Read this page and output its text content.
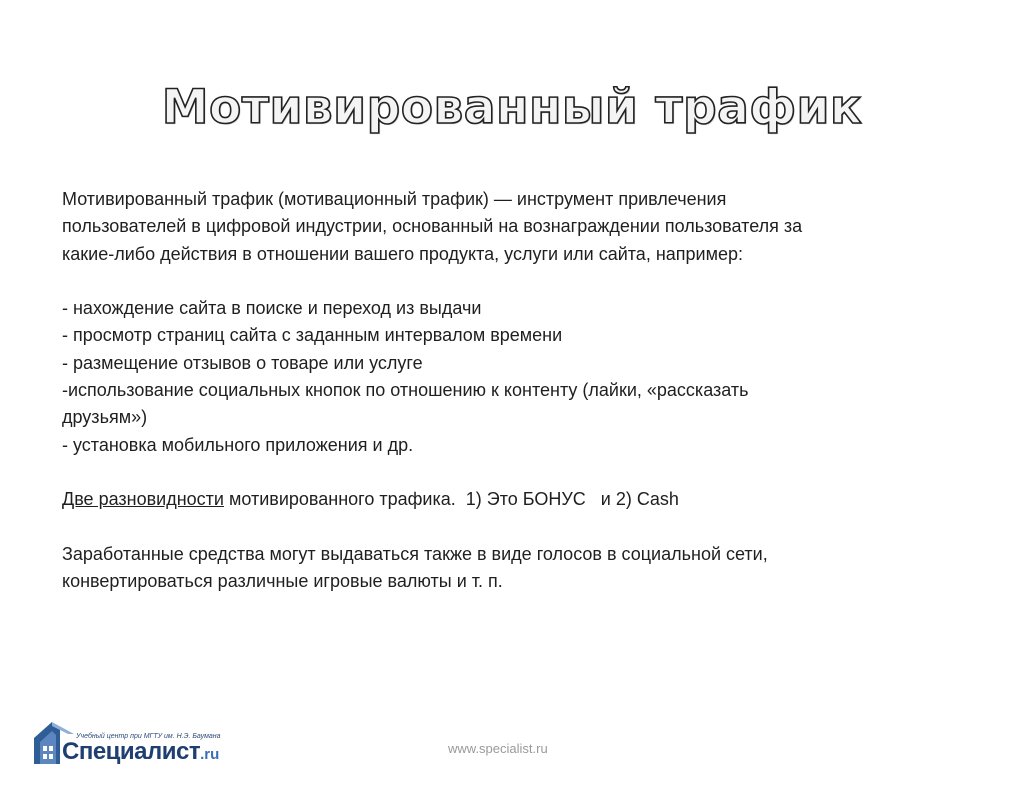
Мотивированный трафик

Мотивированный трафик (мотивационный трафик) — инструмент привлечения

пользователей в цифровой индустрии, основанный на вознаграждении пользователя за

какие-либо действия в отношении вашего продукта, услуги или сайта, например:

- нахождение сайта в поиске и переход из выдачи

- просмотр страниц сайта с заданным интервалом времени

- размещение отзывов о товаре или услуге

-использование социальных кнопок по отношению к контенту (лайки, «рассказать

друзьям»)

- установка мобильного приложения и др.

Две разновидности мотивированного трафика.  1) Это БОНУС   и 2) Cash

Заработанные средства могут выдаваться также в виде голосов в социальной сети,

конвертироваться различные игровые валюты и т. п.

Учебный центр при МГТУ им. Н.Э. Баумана
Специалист.ru	www.specialist.ru
